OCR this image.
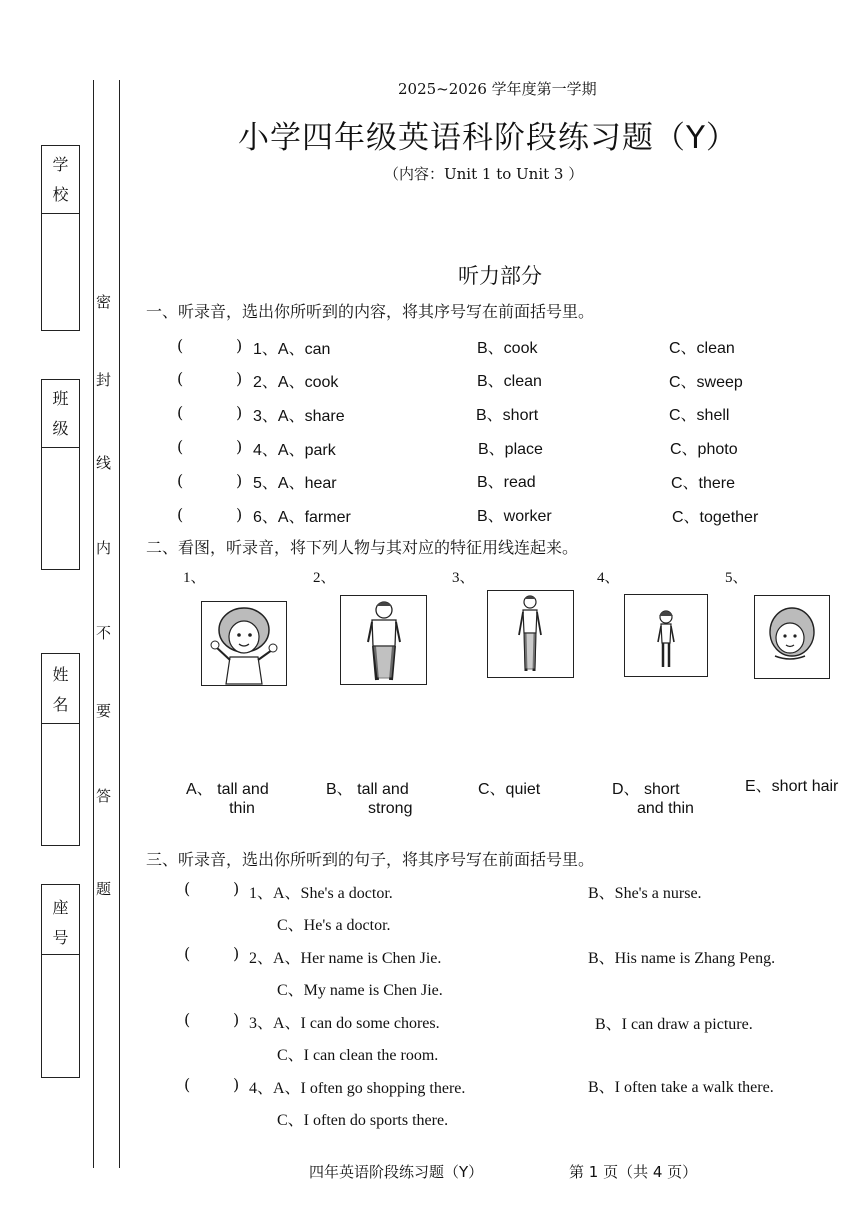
学
校
班
级
姓
名
座
号
密
封
线
内
不
要
答
题
2025~2026 学年度第一学期
小学四年级英语科阶段练习题（Y）
（内容：Unit 1 to Unit 3 ）
听力部分
一、听录音，选出你所听到的内容，将其序号写在前面括号里。
(	) 1、A、can	B、cook	C、clean
(	) 2、A、cook	B、clean	C、sweep
(	) 3、A、share	B、short	C、shell
(	) 4、A、park	B、place	C、photo
(	) 5、A、hear	B、read	C、there
(	) 6、A、farmer	B、worker	C、together
二、看图，听录音，将下列人物与其对应的特征用线连起来。
1、	2、	3、	4、	5、
A、 tall and
thin
B、 tall and
strong
C、quiet	D、 short
and thin
E、short hair
三、听录音，选出你所听到的句子，将其序号写在前面括号里。
(	) 1、A、She's a doctor.	B、She's a nurse.
C、He's a doctor.
(	) 2、A、Her name is Chen Jie.	B、His name is Zhang Peng.
C、My name is Chen Jie.
(	) 3、A、I can do some chores.	B、I can draw a picture.
C、I can clean the room.
(	) 4、A、I often go shopping there.	B、I often take a walk there.
C、I often do sports there.
四年英语阶段练习题（Y）	第 1 页（共 4 页）
